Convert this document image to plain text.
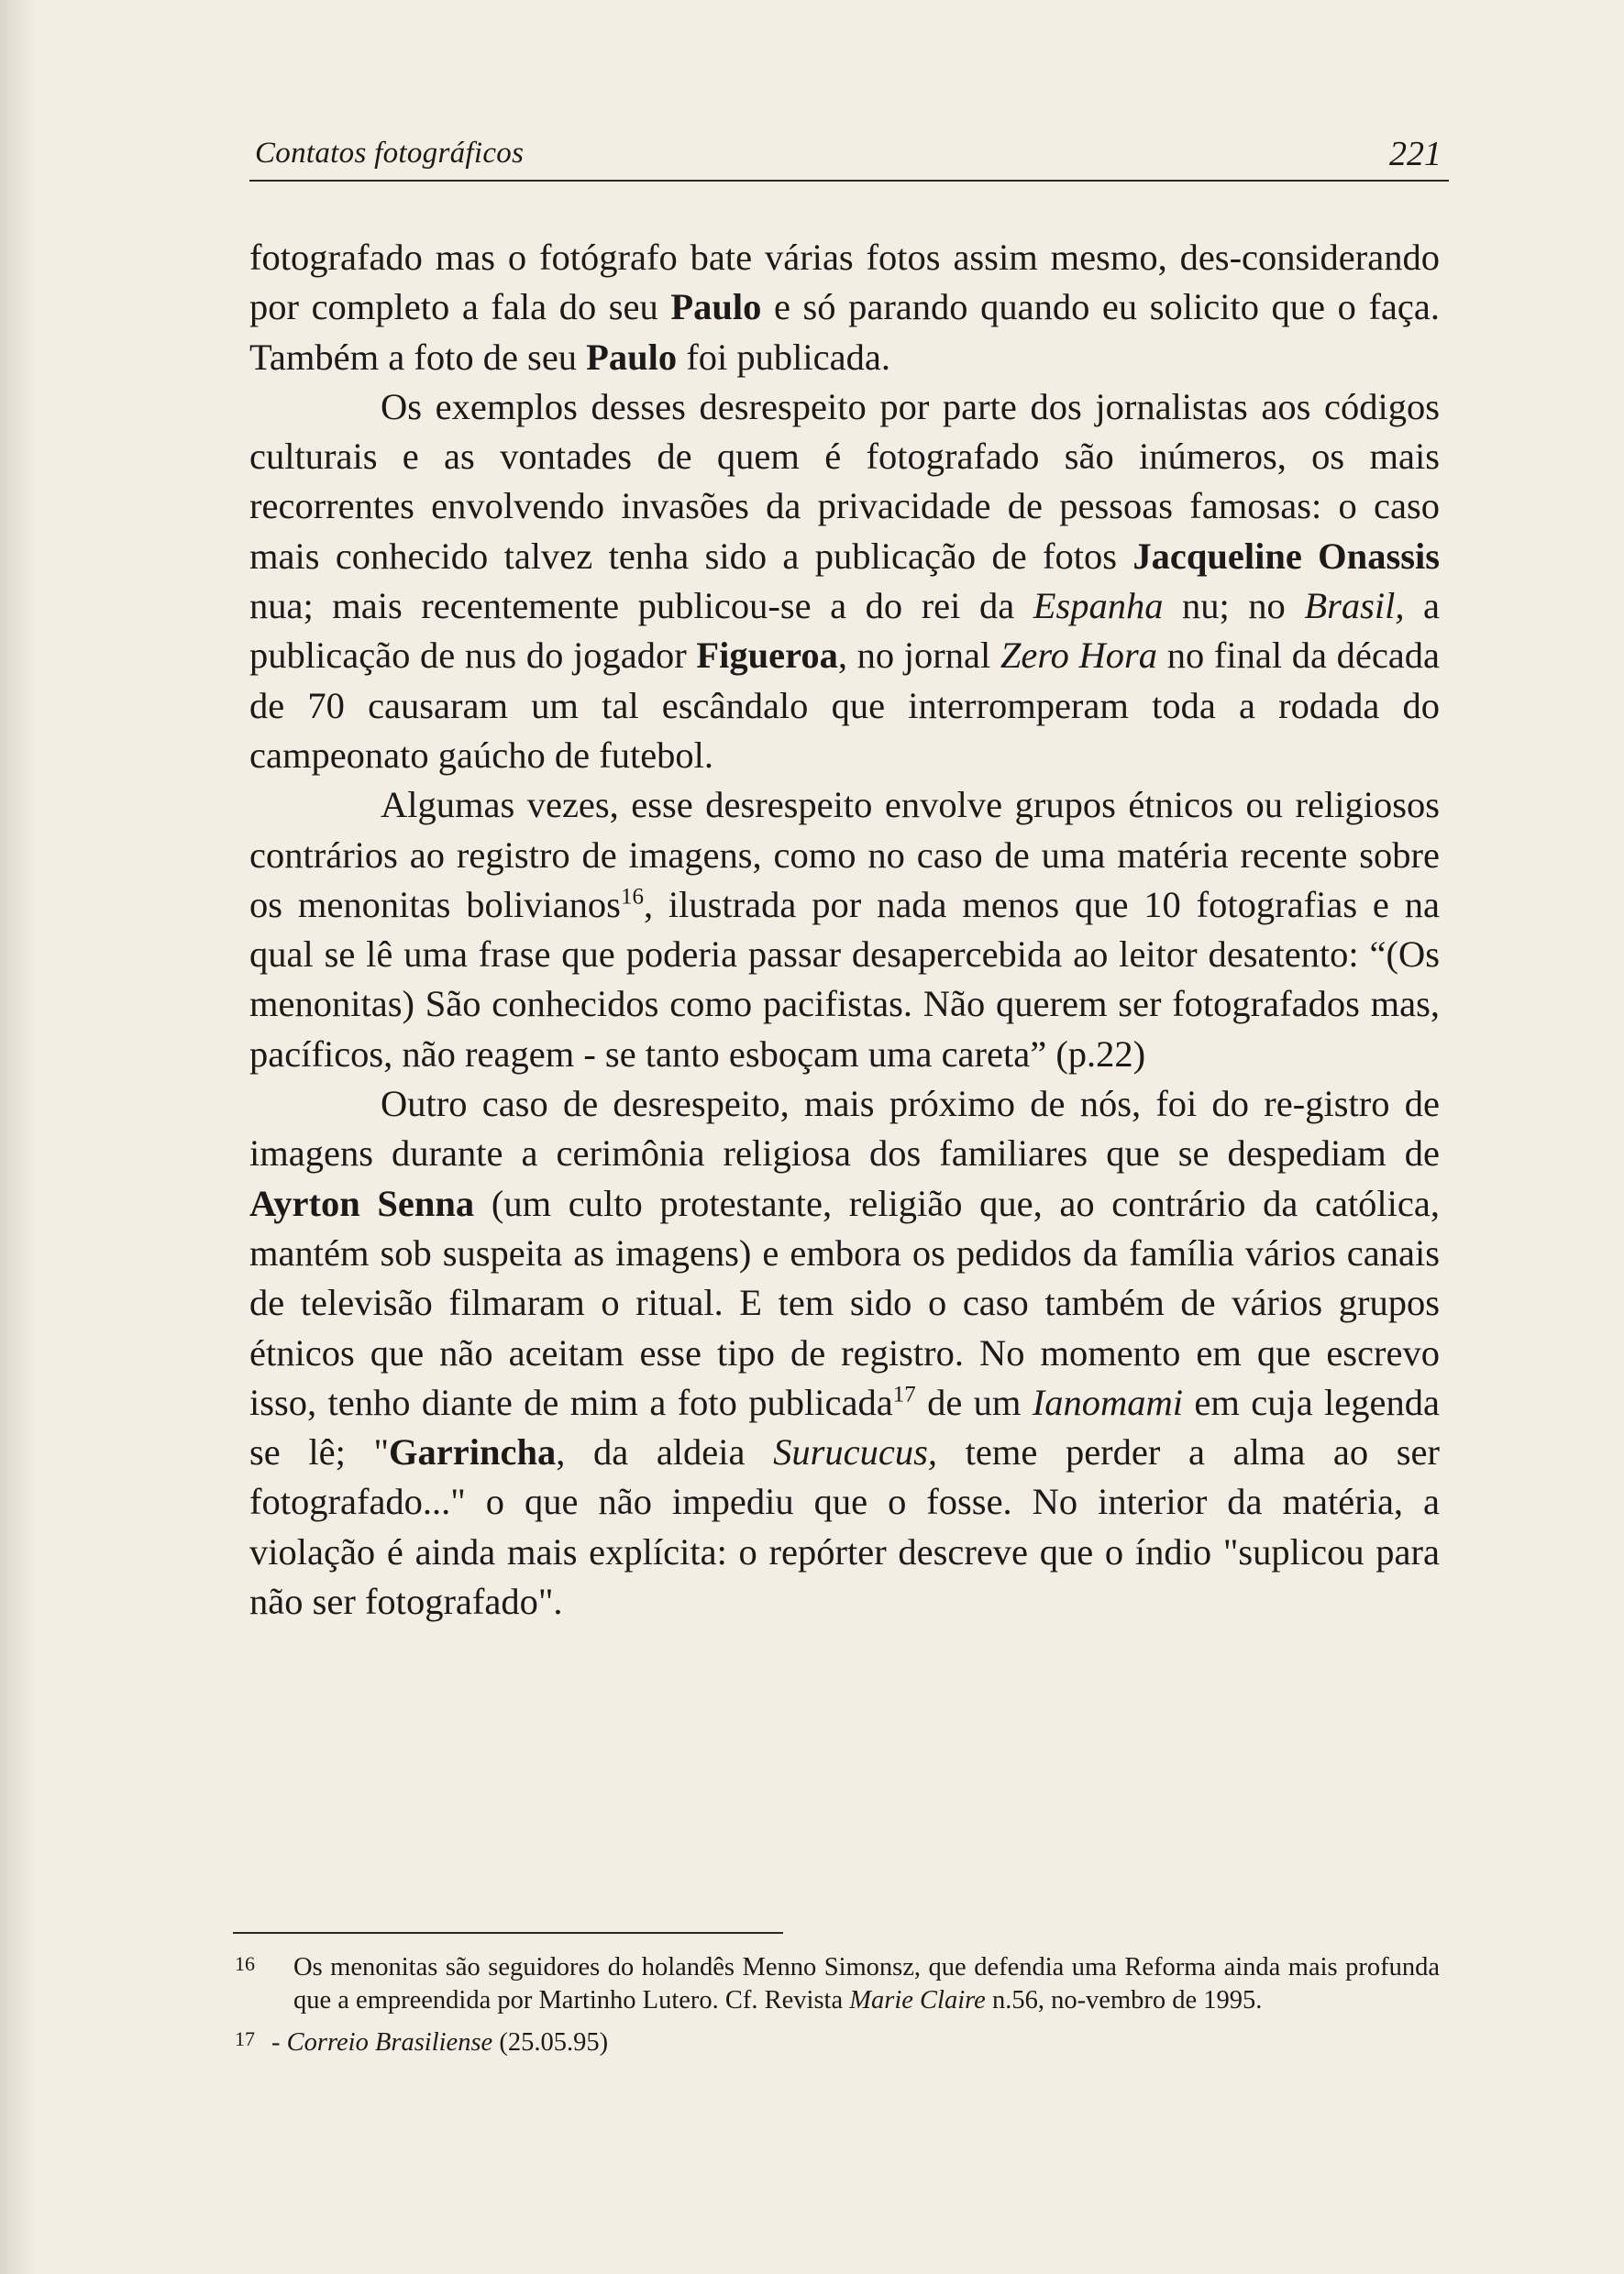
Contatos fotográficos	221

fotografado mas o fotógrafo bate várias fotos assim mesmo, des-considerando por completo a fala do seu Paulo e só parando quando eu solicito que o faça. Também a foto de seu Paulo foi publicada.

Os exemplos desses desrespeito por parte dos jornalistas aos códigos culturais e as vontades de quem é fotografado são inúmeros, os mais recorrentes envolvendo invasões da privacidade de pessoas famosas: o caso mais conhecido talvez tenha sido a publicação de fotos Jacqueline Onassis nua; mais recentemente publicou-se a do rei da Espanha nu; no Brasil, a publicação de nus do jogador Figueroa, no jornal Zero Hora no final da década de 70 causaram um tal escândalo que interromperam toda a rodada do campeonato gaúcho de futebol.

Algumas vezes, esse desrespeito envolve grupos étnicos ou religiosos contrários ao registro de imagens, como no caso de uma matéria recente sobre os menonitas bolivianos$^{16}$, ilustrada por nada menos que 10 fotografias e na qual se lê uma frase que poderia passar desapercebida ao leitor desatento: “(Os menonitas) São conhecidos como pacifistas. Não querem ser fotografados mas, pacíficos, não reagem - se tanto esboçam uma careta” (p.22)

Outro caso de desrespeito, mais próximo de nós, foi do re-gistro de imagens durante a cerimônia religiosa dos familiares que se despediam de Ayrton Senna (um culto protestante, religião que, ao contrário da católica, mantém sob suspeita as imagens) e embora os pedidos da família vários canais de televisão filmaram o ritual. E tem sido o caso também de vários grupos étnicos que não aceitam esse tipo de registro. No momento em que escrevo isso, tenho diante de mim a foto publicada$^{17}$ de um Ianomami em cuja legenda se lê; "Garrincha, da aldeia Surucucus, teme perder a alma ao ser fotografado..." o que não impediu que o fosse. No interior da matéria, a violação é ainda mais explícita: o repórter descreve que o índio "suplicou para não ser fotografado".

16 Os menonitas são seguidores do holandês Menno Simonsz, que defendia uma Reforma ainda mais profunda que a empreendida por Martinho Lutero. Cf. Revista Marie Claire n.56, no-vembro de 1995.
17 - Correio Brasiliense (25.05.95)
